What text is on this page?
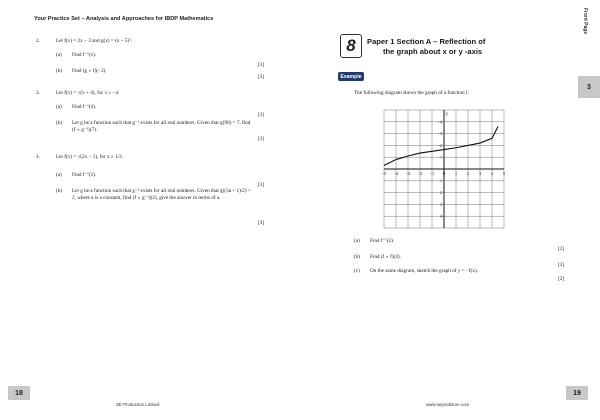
Your Practice Set – Analysis and Approaches for IBDP Mathematics
2.	Let f(x) = 2x − 3 and g(x) = (x + 5)³.
(a) Find f⁻¹(x).
[3]
(b) Find (g ∘ f)(−2).
[3]
3.	Let f(x) = √(x + 4), for x ≥ −4.
(a) Find f⁻¹(4).
[3]
(b) Let g be a function such that g⁻¹ exists for all real numbers. Given that g(96) = 7, find (f ∘ g⁻¹)(7).
[3]
4.	Let f(x) = √(2x − 1), for x ≥ 1/2.
(a) Find f⁻¹(3).
[3]
(b) Let g be a function such that g⁻¹ exists for all real numbers. Given that g((3a + 1)/2) = 2, where a is a constant, find (f ∘ g⁻¹)(2), give the answer in terms of a.
[3]
18
SE Production Limited
Front Page
8	Paper 1 Section A – Reflection of
the graph about x or y -axis
Example
3
The following diagram shows the graph of a function f.
y
−5 −4 −3 −2 −1 0	1	2	3	4	5
4
3
2
1
−1
−2
−3
−4
(a) Find f⁻¹(2).
[2]
(b) Find (f ∘ f)(4).
[3]
(c) On the same diagram, sketch the graph of y = −f(x).
[2]
19
www.seprodstore.com
